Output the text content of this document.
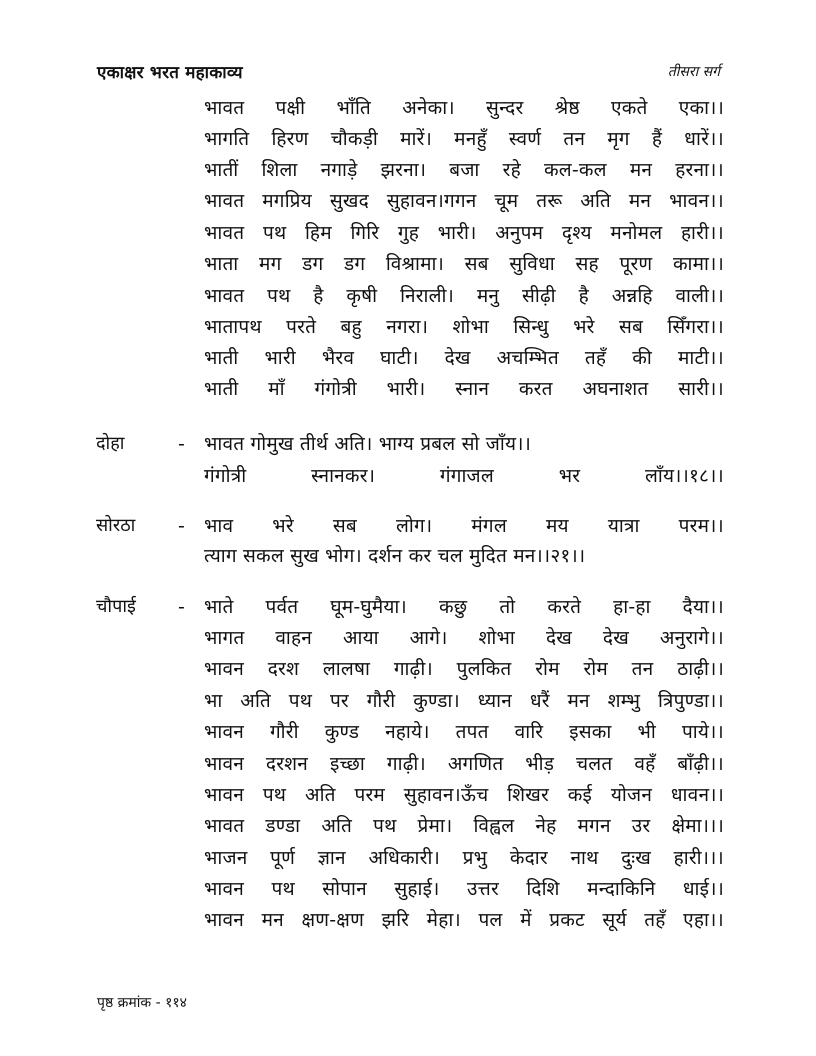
एकाक्षर भरत महाकाव्य	तीसरा सर्ग
भावत पक्षी भाँति अनेका। सुन्दर श्रेष्ठ एकते एका।।
भागति हिरण चौकड़ी मारें। मनहुँ स्वर्ण तन मृग हैं धारें।।
भातीं शिला नगाड़े झरना। बजा रहे कल-कल मन हरना।।
भावत मगप्रिय सुखद सुहावन।गगन चूम तरू अति मन भावन।।
भावत पथ हिम गिरि गुह भारी। अनुपम दृश्य मनोमल हारी।।
भाता मग डग डग विश्रामा। सब सुविधा सह पूरण कामा।।
भावत पथ है कृषी निराली। मनु सीढ़ी है अन्नहि वाली।।
भातापथ परते बहु नगरा। शोभा सिन्धु भरे सब सिँगरा।।
भाती भारी भैरव घाटी। देख अचम्भित तहँ की माटी।।
भाती माँ गंगोत्री भारी। स्नान करत अघनाशत सारी।।
दोहा	- भावत गोमुख तीर्थ अति। भाग्य प्रबल सो जाँय।।
गंगोत्री	स्नानकर।	गंगाजल	भर	लाँय।।१८।।
सोरठा - भाव भरे सब लोग। मंगल मय यात्रा परम।।
त्याग सकल सुख भोग। दर्शन कर चल मुदित मन।।२१।।
चौपाई - भाते पर्वत घूम-घुमैया। कछु तो करते हा-हा दैया।।
भागत वाहन आया आगे। शोभा देख देख अनुरागे।।
भावन दरश लालषा गाढ़ी। पुलकित रोम रोम तन ठाढ़ी।।
भा अति पथ पर गौरी कुण्डा। ध्यान धरैं मन शम्भु त्रिपुण्डा।।
भावन गौरी कुण्ड नहाये। तपत वारि इसका भी पाये।।
भावन दरशन इच्छा गाढ़ी। अगणित भीड़ चलत वहँ बाँढ़ी।।
भावन पथ अति परम सुहावन।ऊँच शिखर कई योजन धावन।।
भावत डण्डा अति पथ प्रेमा। विह्वल नेह मगन उर क्षेमा।।।
भाजन पूर्ण ज्ञान अधिकारी। प्रभु केदार नाथ दुःख हारी।।।
भावन पथ सोपान सुहाई। उत्तर दिशि मन्दाकिनि धाई।।
भावन मन क्षण-क्षण झरि मेहा। पल में प्रकट सूर्य तहँ एहा।।
पृष्ठ क्रमांक - ११४
